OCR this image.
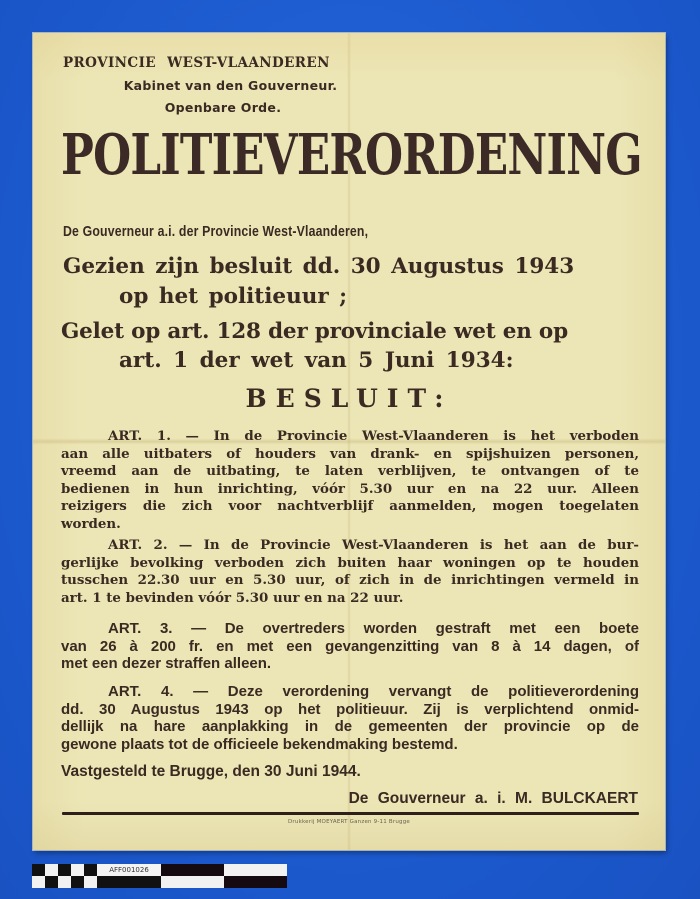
PROVINCIE WEST-VLAANDEREN
Kabinet van den Gouverneur.
Openbare Orde.
POLITIEVERORDENING
De Gouverneur a.i. der Provincie West-Vlaanderen,
Gezien zijn besluit dd. 30 Augustus 1943
op het politieuur ;
Gelet op art. 128 der provinciale wet en op
art. 1 der wet van 5 Juni 1934:
BESLUIT:
ART. 1. — In de Provincie West-Vlaanderen is het verboden
aan alle uitbaters of houders van drank- en spijshuizen personen,
vreemd aan de uitbating, te laten verblijven, te ontvangen of te
bedienen in hun inrichting, vóór 5.30 uur en na 22 uur. Alleen
reizigers die zich voor nachtverblijf aanmelden, mogen toegelaten
worden.
ART. 2. — In de Provincie West-Vlaanderen is het aan de bur-
gerlijke bevolking verboden zich buiten haar woningen op te houden
tusschen 22.30 uur en 5.30 uur, of zich in de inrichtingen vermeld in
art. 1 te bevinden vóór 5.30 uur en na 22 uur.
ART. 3. — De overtreders worden gestraft met een boete
van 26 à 200 fr. en met een gevangenzitting van 8 à 14 dagen, of
met een dezer straffen alleen.
ART. 4. — Deze verordening vervangt de politieverordening
dd. 30 Augustus 1943 op het politieuur. Zij is verplichtend onmid-
dellijk na hare aanplakking in de gemeenten der provincie op de
gewone plaats tot de officieele bekendmaking bestemd.
Vastgesteld te Brugge, den 30 Juni 1944.
De Gouverneur a. i. M. BULCKAERT
Drukkerij MOEYAERT Ganzen 9-11 Brugge
AFF001026
